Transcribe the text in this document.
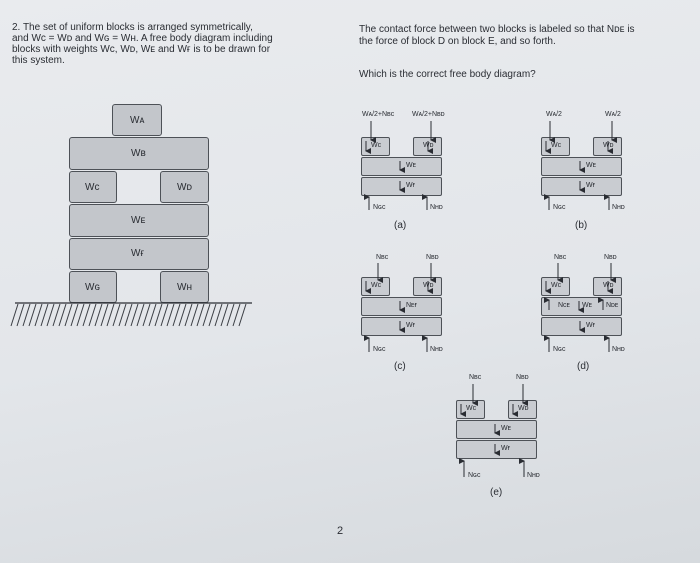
2. The set of uniform blocks is arranged symmetrically,
and Wᴄ = Wᴅ and Wɢ = Wʜ. A free body diagram including
blocks with weights Wᴄ, Wᴅ, Wᴇ and Wғ is to be drawn for
this system.
The contact force between two blocks is labeled so that Nᴅᴇ is
the force of block D on block E, and so forth.
Which is the correct free body diagram?
Wᴀ
Wʙ
Wᴄ	Wᴅ
Wᴇ
Wғ
Wɢ	Wʜ
Wᴀ/2+Nʙᴄ	Wᴀ/2+Nʙᴅ
Wᴄ	Wᴅ
Wᴇ
Wғ
Nɢᴄ	Nʜᴅ
(a)
Wᴀ/2	Wᴀ/2
Wᴄ	Wᴅ
Wᴇ
Wғ
Nɢᴄ	Nʜᴅ
(b)
Nʙᴄ	Nʙᴅ
Wᴄ	Wᴅ
Nᴇғ
Wғ
Nɢᴄ	Nʜᴅ
(c)
Nʙᴄ	Nʙᴅ
Wᴄ	Wᴅ
Nᴄᴇ Wᴇ Nᴅᴇ
Wғ
Nɢᴄ	Nʜᴅ
(d)
Nʙᴄ	Nʙᴅ
Wᴄ	Wᴅ
Wᴇ
Wғ
Nɢᴄ	Nʜᴅ
(e)
2
